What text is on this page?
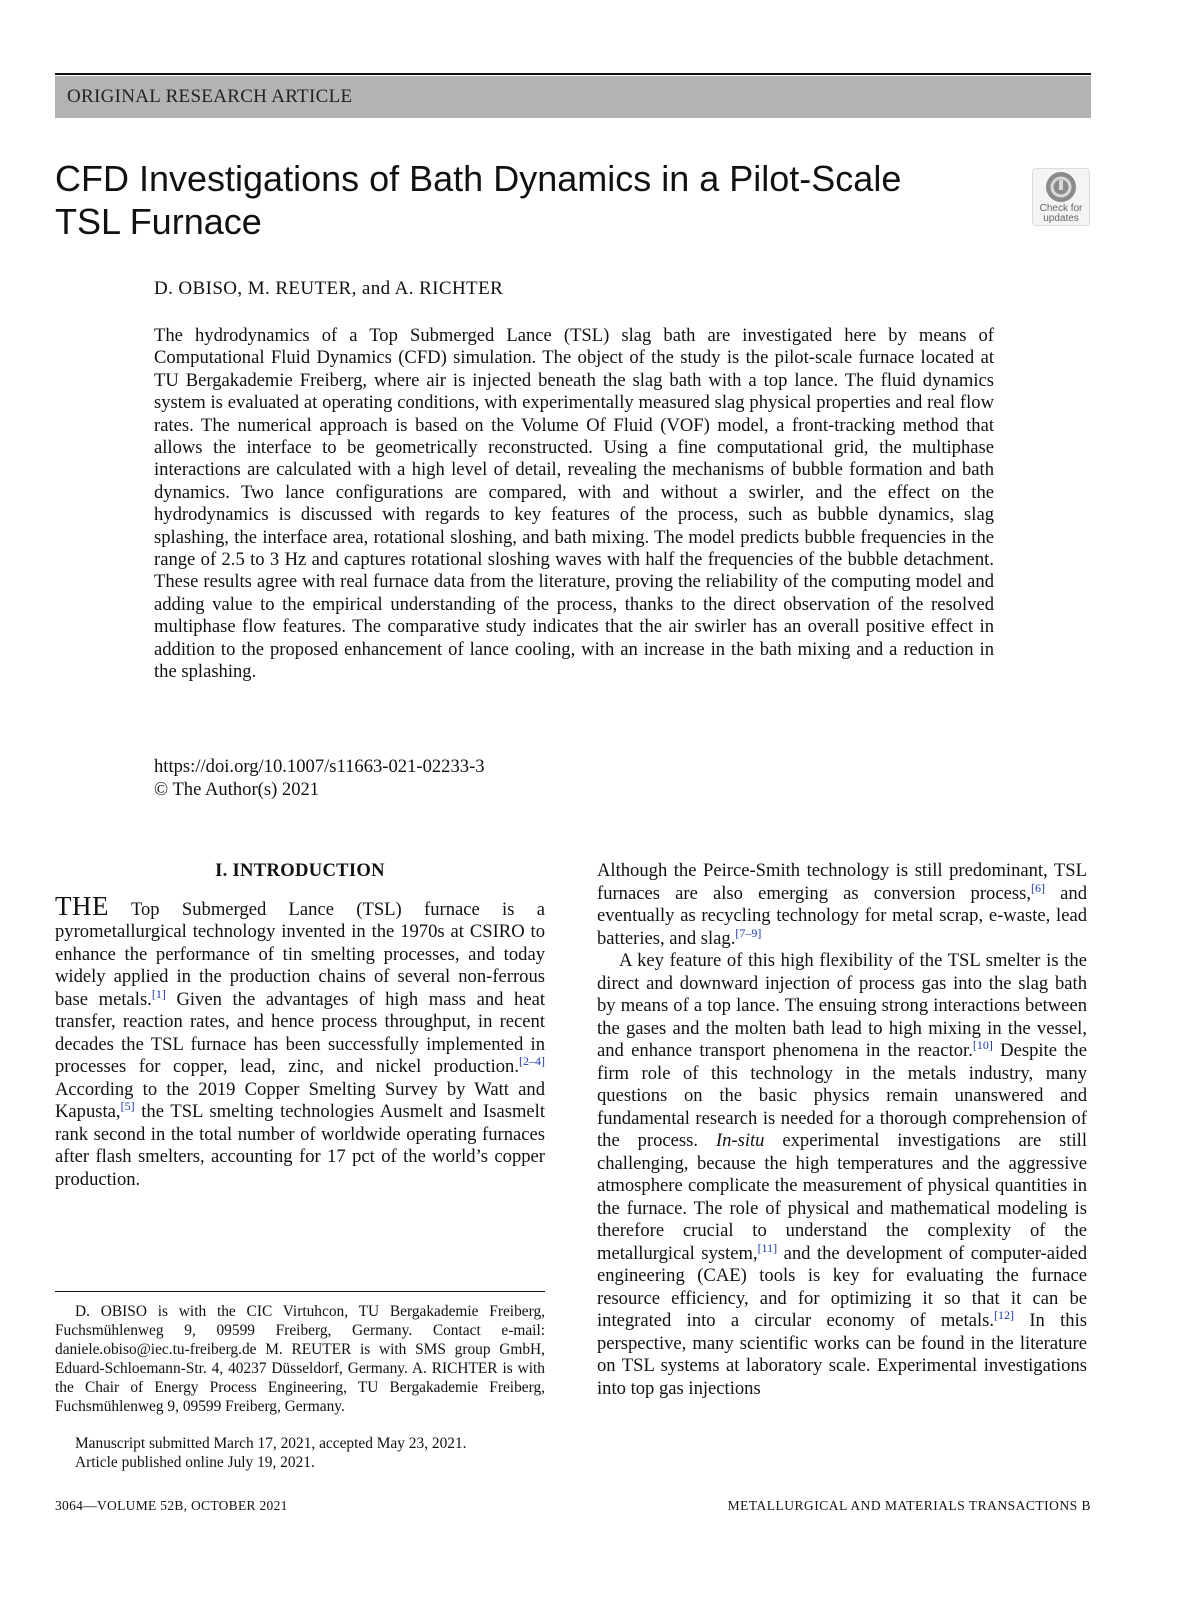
ORIGINAL RESEARCH ARTICLE
CFD Investigations of Bath Dynamics in a Pilot-Scale TSL Furnace	Check for updates
D. OBISO, M. REUTER, and A. RICHTER

The hydrodynamics of a Top Submerged Lance (TSL) slag bath are investigated here by means of Computational Fluid Dynamics (CFD) simulation. The object of the study is the pilot-scale furnace located at TU Bergakademie Freiberg, where air is injected beneath the slag bath with a top lance. The fluid dynamics system is evaluated at operating conditions, with experimentally measured slag physical properties and real flow rates. The numerical approach is based on the Volume Of Fluid (VOF) model, a front-tracking method that allows the interface to be geometrically reconstructed. Using a fine computational grid, the multiphase interactions are calculated with a high level of detail, revealing the mechanisms of bubble formation and bath dynamics. Two lance configurations are compared, with and without a swirler, and the effect on the hydrodynamics is discussed with regards to key features of the process, such as bubble dynamics, slag splashing, the interface area, rotational sloshing, and bath mixing. The model predicts bubble frequencies in the range of 2.5 to 3 Hz and captures rotational sloshing waves with half the frequencies of the bubble detachment. These results agree with real furnace data from the literature, proving the reliability of the computing model and adding value to the empirical understanding of the process, thanks to the direct observation of the resolved multiphase flow features. The comparative study indicates that the air swirler has an overall positive effect in addition to the proposed enhancement of lance cooling, with an increase in the bath mixing and a reduction in the splashing.

https://doi.org/10.1007/s11663-021-02233-3
© The Author(s) 2021
I. INTRODUCTION

THE Top Submerged Lance (TSL) furnace is a pyrometallurgical technology invented in the 1970s at CSIRO to enhance the performance of tin smelting processes, and today widely applied in the production chains of several non-ferrous base metals.[1] Given the advantages of high mass and heat transfer, reaction rates, and hence process throughput, in recent decades the TSL furnace has been successfully implemented in processes for copper, lead, zinc, and nickel production.[2–4] According to the 2019 Copper Smelting Survey by Watt and Kapusta,[5] the TSL smelting technologies Ausmelt and Isasmelt rank second in the total number of worldwide operating furnaces after flash smelters, accounting for 17 pct of the world’s copper production.

Although the Peirce-Smith technology is still predominant, TSL furnaces are also emerging as conversion process,[6] and eventually as recycling technology for metal scrap, e-waste, lead batteries, and slag.[7–9]

A key feature of this high flexibility of the TSL smelter is the direct and downward injection of process gas into the slag bath by means of a top lance. The ensuing strong interactions between the gases and the molten bath lead to high mixing in the vessel, and enhance transport phenomena in the reactor.[10] Despite the firm role of this technology in the metals industry, many questions on the basic physics remain unanswered and fundamental research is needed for a thorough comprehension of the process. In-situ experimental investigations are still challenging, because the high temperatures and the aggressive atmosphere complicate the measurement of physical quantities in the furnace. The role of physical and mathematical modeling is therefore crucial to understand the complexity of the metallurgical system,[11] and the development of computer-aided engineering (CAE) tools is key for evaluating the furnace resource efficiency, and for optimizing it so that it can be integrated into a circular economy of metals.[12] In this perspective, many scientific works can be found in the literature on TSL systems at laboratory scale. Experimental investigations into top gas injections

D. OBISO is with the CIC Virtuhcon, TU Bergakademie Freiberg, Fuchsmühlenweg 9, 09599 Freiberg, Germany. Contact e-mail: daniele.obiso@iec.tu-freiberg.de M. REUTER is with SMS group GmbH, Eduard-Schloemann-Str. 4, 40237 Düsseldorf, Germany. A. RICHTER is with the Chair of Energy Process Engineering, TU Bergakademie Freiberg, Fuchsmühlenweg 9, 09599 Freiberg, Germany.

Manuscript submitted March 17, 2021, accepted May 23, 2021.
Article published online July 19, 2021.
3064—VOLUME 52B, OCTOBER 2021	METALLURGICAL AND MATERIALS TRANSACTIONS B
